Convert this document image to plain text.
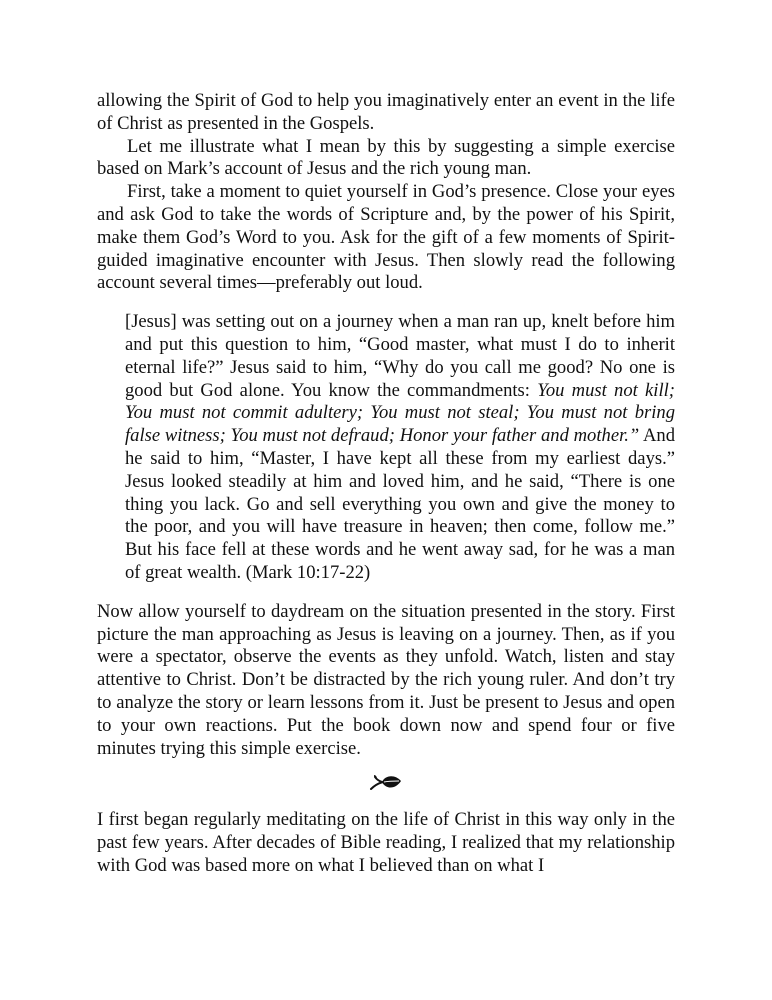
allowing the Spirit of God to help you imaginatively enter an event in the life of Christ as presented in the Gospels.

Let me illustrate what I mean by this by suggesting a simple exercise based on Mark’s account of Jesus and the rich young man.

First, take a moment to quiet yourself in God’s presence. Close your eyes and ask God to take the words of Scripture and, by the power of his Spirit, make them God’s Word to you. Ask for the gift of a few moments of Spirit-guided imaginative encounter with Jesus. Then slowly read the following account several times—preferably out loud.

[Jesus] was setting out on a journey when a man ran up, knelt before him and put this question to him, “Good master, what must I do to inherit eternal life?” Jesus said to him, “Why do you call me good? No one is good but God alone. You know the commandments: You must not kill; You must not commit adultery; You must not steal; You must not bring false witness; You must not defraud; Honor your father and mother.” And he said to him, “Master, I have kept all these from my earliest days.” Jesus looked steadily at him and loved him, and he said, “There is one thing you lack. Go and sell everything you own and give the money to the poor, and you will have treasure in heaven; then come, follow me.” But his face fell at these words and he went away sad, for he was a man of great wealth. (Mark 10:17-22)

Now allow yourself to daydream on the situation presented in the story. First picture the man approaching as Jesus is leaving on a journey. Then, as if you were a spectator, observe the events as they unfold. Watch, listen and stay attentive to Christ. Don’t be distracted by the rich young ruler. And don’t try to analyze the story or learn lessons from it. Just be present to Jesus and open to your own reactions. Put the book down now and spend four or five minutes trying this simple exercise.

I first began regularly meditating on the life of Christ in this way only in the past few years. After decades of Bible reading, I realized that my relationship with God was based more on what I believed than on what I
